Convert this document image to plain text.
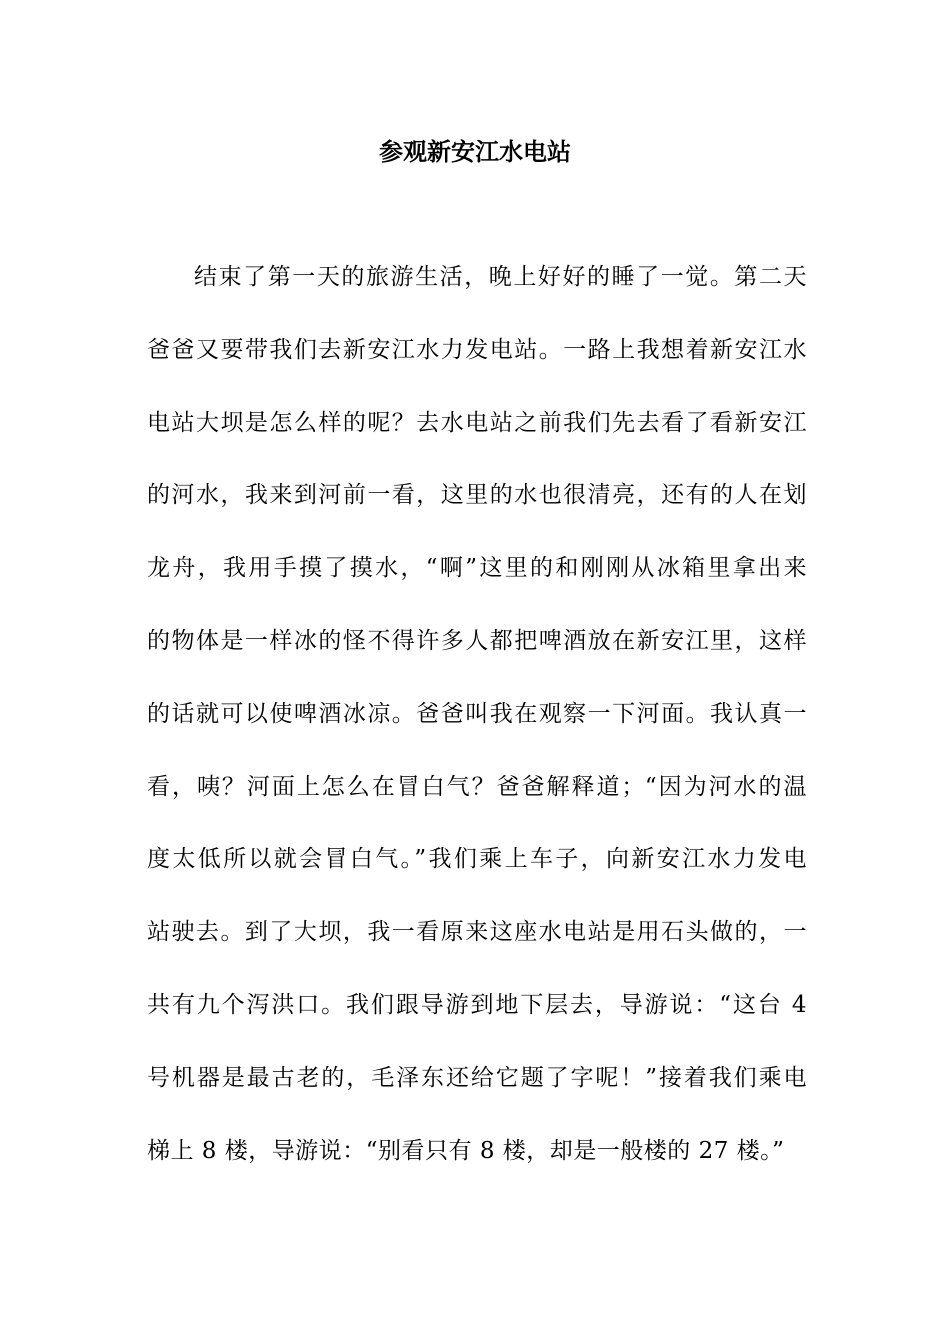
参观新安江水电站
结束了第一天的旅游生活，晚上好好的睡了一觉。第二天
爸爸又要带我们去新安江水力发电站。一路上我想着新安江水
电站大坝是怎么样的呢？去水电站之前我们先去看了看新安江
的河水，我来到河前一看，这里的水也很清亮，还有的人在划
龙舟，我用手摸了摸水，“啊”这里的和刚刚从冰箱里拿出来
的物体是一样冰的怪不得许多人都把啤酒放在新安江里，这样
的话就可以使啤酒冰凉。爸爸叫我在观察一下河面。我认真一
看，咦？河面上怎么在冒白气？爸爸解释道；“因为河水的温
度太低所以就会冒白气。”我们乘上车子，向新安江水力发电
站驶去。到了大坝，我一看原来这座水电站是用石头做的，一
共有九个泻洪口。我们跟导游到地下层去，导游说：“这台 4
号机器是最古老的，毛泽东还给它题了字呢！”接着我们乘电
梯上 8 楼，导游说：“别看只有 8 楼，却是一般楼的 27 楼。”
